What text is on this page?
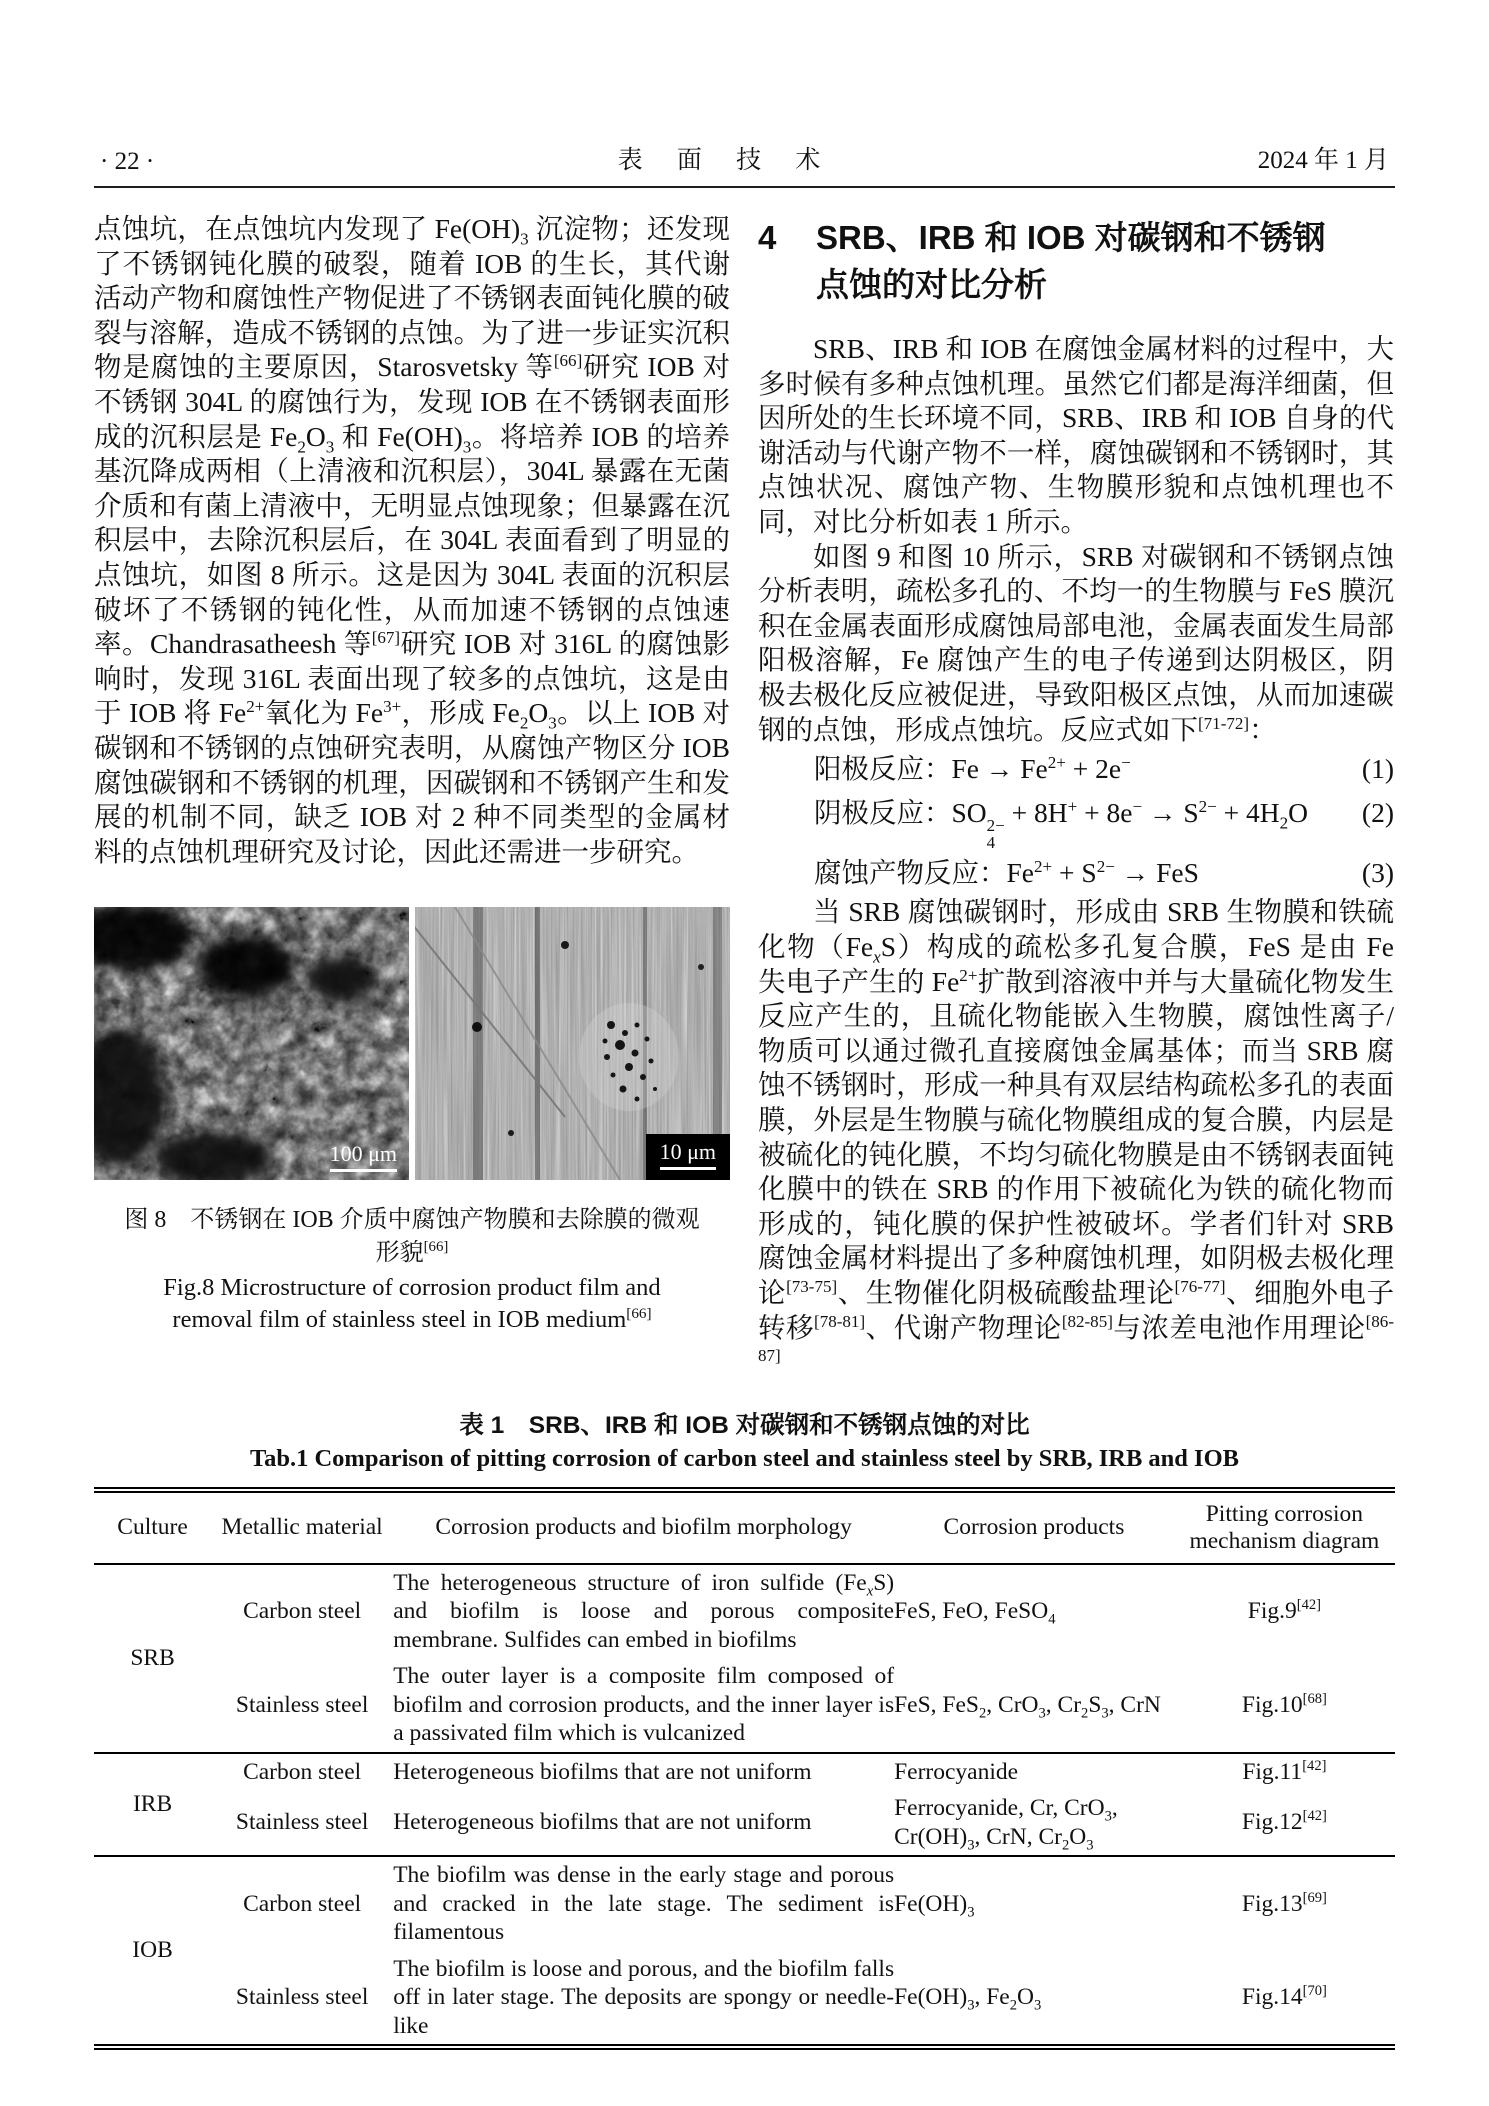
· 22 ·	表 面 技 术	2024 年 1 月

点蚀坑，在点蚀坑内发现了 $Fe(OH)_3$ 沉淀物；还发现了不锈钢钝化膜的破裂，随着 IOB 的生长，其代谢活动产物和腐蚀性产物促进了不锈钢表面钝化膜的破裂与溶解，造成不锈钢的点蚀。为了进一步证实沉积物是腐蚀的主要原因，Starosvetsky 等[66]研究 IOB 对不锈钢 304L 的腐蚀行为，发现 IOB 在不锈钢表面形成的沉积层是 $Fe_2O_3$ 和 $Fe(OH)_3$。将培养 IOB 的培养基沉降成两相（上清液和沉积层），304L 暴露在无菌介质和有菌上清液中，无明显点蚀现象；但暴露在沉积层中，去除沉积层后，在 304L 表面看到了明显的点蚀坑，如图 8 所示。这是因为 304L 表面的沉积层破坏了不锈钢的钝化性，从而加速不锈钢的点蚀速率。Chandrasatheesh 等[67]研究 IOB 对 316L 的腐蚀影响时，发现 316L 表面出现了较多的点蚀坑，这是由于 IOB 将 $Fe^{2+}$氧化为 $Fe^{3+}$，形成 $Fe_2O_3$。以上 IOB 对碳钢和不锈钢的点蚀研究表明，从腐蚀产物区分 IOB 腐蚀碳钢和不锈钢的机理，因碳钢和不锈钢产生和发展的机制不同，缺乏 IOB 对 2 种不同类型的金属材料的点蚀机理研究及讨论，因此还需进一步研究。

100 μm	10 μm
图 8　不锈钢在 IOB 介质中腐蚀产物膜和去除膜的微观形貌[66]
Fig.8 Microstructure of corrosion product film and removal film of stainless steel in IOB medium[66]
4	SRB、IRB 和 IOB 对碳钢和不锈钢点蚀的对比分析

SRB、IRB 和 IOB 在腐蚀金属材料的过程中，大多时候有多种点蚀机理。虽然它们都是海洋细菌，但因所处的生长环境不同，SRB、IRB 和 IOB 自身的代谢活动与代谢产物不一样，腐蚀碳钢和不锈钢时，其点蚀状况、腐蚀产物、生物膜形貌和点蚀机理也不同，对比分析如表 1 所示。

如图 9 和图 10 所示，SRB 对碳钢和不锈钢点蚀分析表明，疏松多孔的、不均一的生物膜与 FeS 膜沉积在金属表面形成腐蚀局部电池，金属表面发生局部阳极溶解，Fe 腐蚀产生的电子传递到达阴极区，阴极去极化反应被促进，导致阳极区点蚀，从而加速碳钢的点蚀，形成点蚀坑。反应式如下[71-72]：

阳极反应：$Fe \to Fe^{2+} + 2e^-$	(1)
阴极反应：SO 2−
4
+ $8H^+ + 8e^- \to S^{2-} + 4H_2O$ (2)
腐蚀产物反应：$Fe^{2+} + S^{2-}$ → FeS	(3)

当 SRB 腐蚀碳钢时，形成由 SRB 生物膜和铁硫化物$(Fe_xS)$构成的疏松多孔复合膜，FeS 是由 Fe 失电子产生的 $Fe^{2+}$扩散到溶液中并与大量硫化物发生反应产生的，且硫化物能嵌入生物膜，腐蚀性离子/物质可以通过微孔直接腐蚀金属基体；而当 SRB 腐蚀不锈钢时，形成一种具有双层结构疏松多孔的表面膜，外层是生物膜与硫化物膜组成的复合膜，内层是被硫化的钝化膜，不均匀硫化物膜是由不锈钢表面钝化膜中的铁在 SRB 的作用下被硫化为铁的硫化物而形成的，钝化膜的保护性被破坏。学者们针对 SRB 腐蚀金属材料提出了多种腐蚀机理，如阴极去极化理论[73-75]、生物催化阴极硫酸盐理论[76-77]、细胞外电子转移[78-81]、代谢产物理论[82-85]与浓差电池作用理论[86-87]

表 1　SRB、IRB 和 IOB 对碳钢和不锈钢点蚀的对比
Tab.1 Comparison of pitting corrosion of carbon steel and stainless steel by SRB, IRB and IOB
Culture	Metallic material	Corrosion products and biofilm morphology	Corrosion products	Pitting corrosion mechanism diagram
SRB	Carbon steel	The heterogeneous structure of iron sulfide $(Fe_xS)$ and biofilm is loose and porous composite membrane. Sulfides can embed in biofilms	FeS, FeO, FeSO$_4$	Fig.9[42]
	Stainless steel	The outer layer is a composite film composed of biofilm and corrosion products, and the inner layer is a passivated film which is vulcanized	FeS, FeS$_2$, CrO$_3$, $Cr_2S_3$, CrN	Fig.10[68]
IRB	Carbon steel	Heterogeneous biofilms that are not uniform	Ferrocyanide	Fig.11[42]
	Stainless steel	Heterogeneous biofilms that are not uniform	Ferrocyanide, Cr, CrO$_3$, $Cr(OH)_3$, CrN, $Cr_2O_3$	Fig.12[42]
IOB	Carbon steel	The biofilm was dense in the early stage and porous and cracked in the late stage. The sediment is filamentous	$Fe(OH)_3$	Fig.13[69]
	Stainless steel	The biofilm is loose and porous, and the biofilm falls off in later stage. The deposits are spongy or needle-like	$Fe(OH)_3$, $Fe_2O_3$	Fig.14[70]
